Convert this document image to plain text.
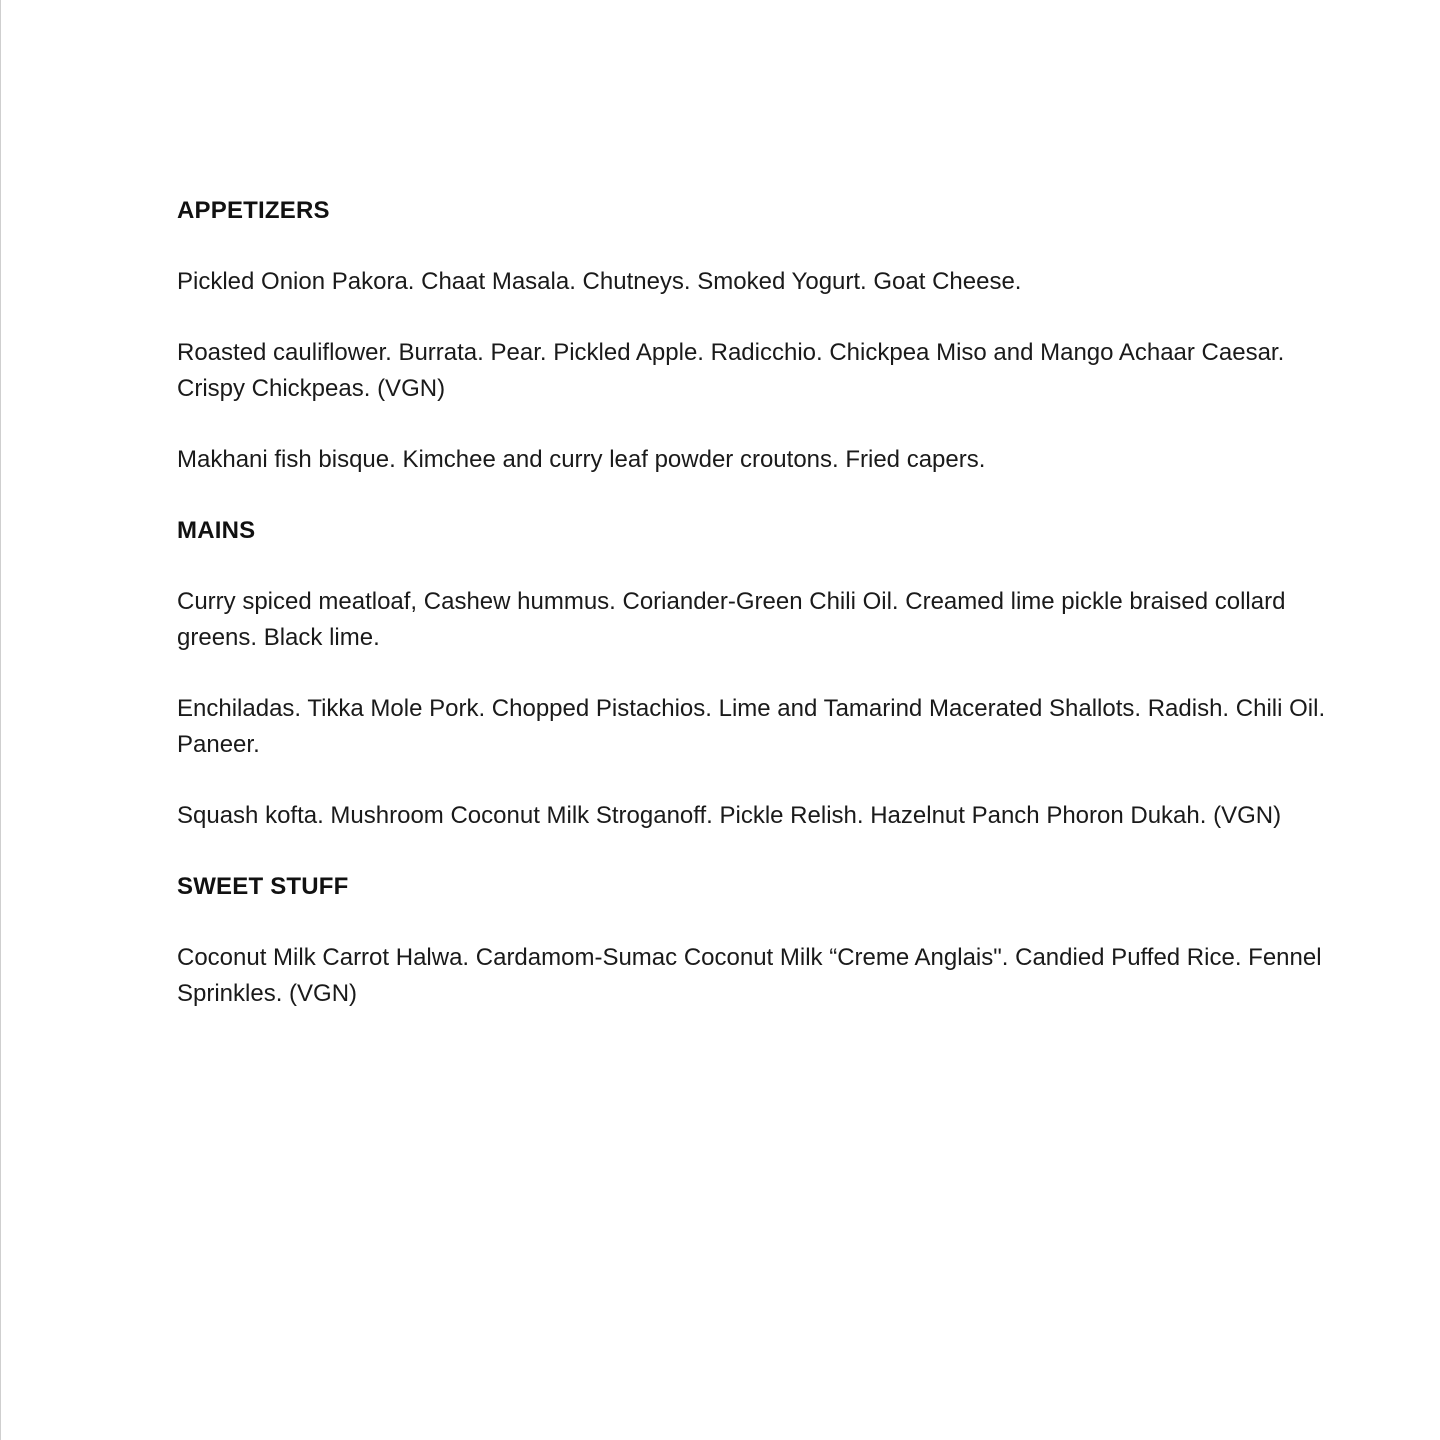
APPETIZERS
Pickled Onion Pakora. Chaat Masala. Chutneys. Smoked Yogurt. Goat Cheese.
Roasted cauliflower. Burrata. Pear. Pickled Apple. Radicchio. Chickpea Miso and Mango Achaar Caesar. Crispy Chickpeas. (VGN)
Makhani fish bisque. Kimchee and curry leaf powder croutons. Fried capers.
MAINS
Curry spiced meatloaf, Cashew hummus. Coriander-Green Chili Oil. Creamed lime pickle braised collard greens. Black lime.
Enchiladas. Tikka Mole Pork. Chopped Pistachios. Lime and Tamarind Macerated Shallots. Radish. Chili Oil. Paneer.
Squash kofta. Mushroom Coconut Milk Stroganoff. Pickle Relish. Hazelnut Panch Phoron Dukah. (VGN)
SWEET STUFF
Coconut Milk Carrot Halwa. Cardamom-Sumac Coconut Milk “Creme Anglais". Candied Puffed Rice. Fennel Sprinkles. (VGN)
